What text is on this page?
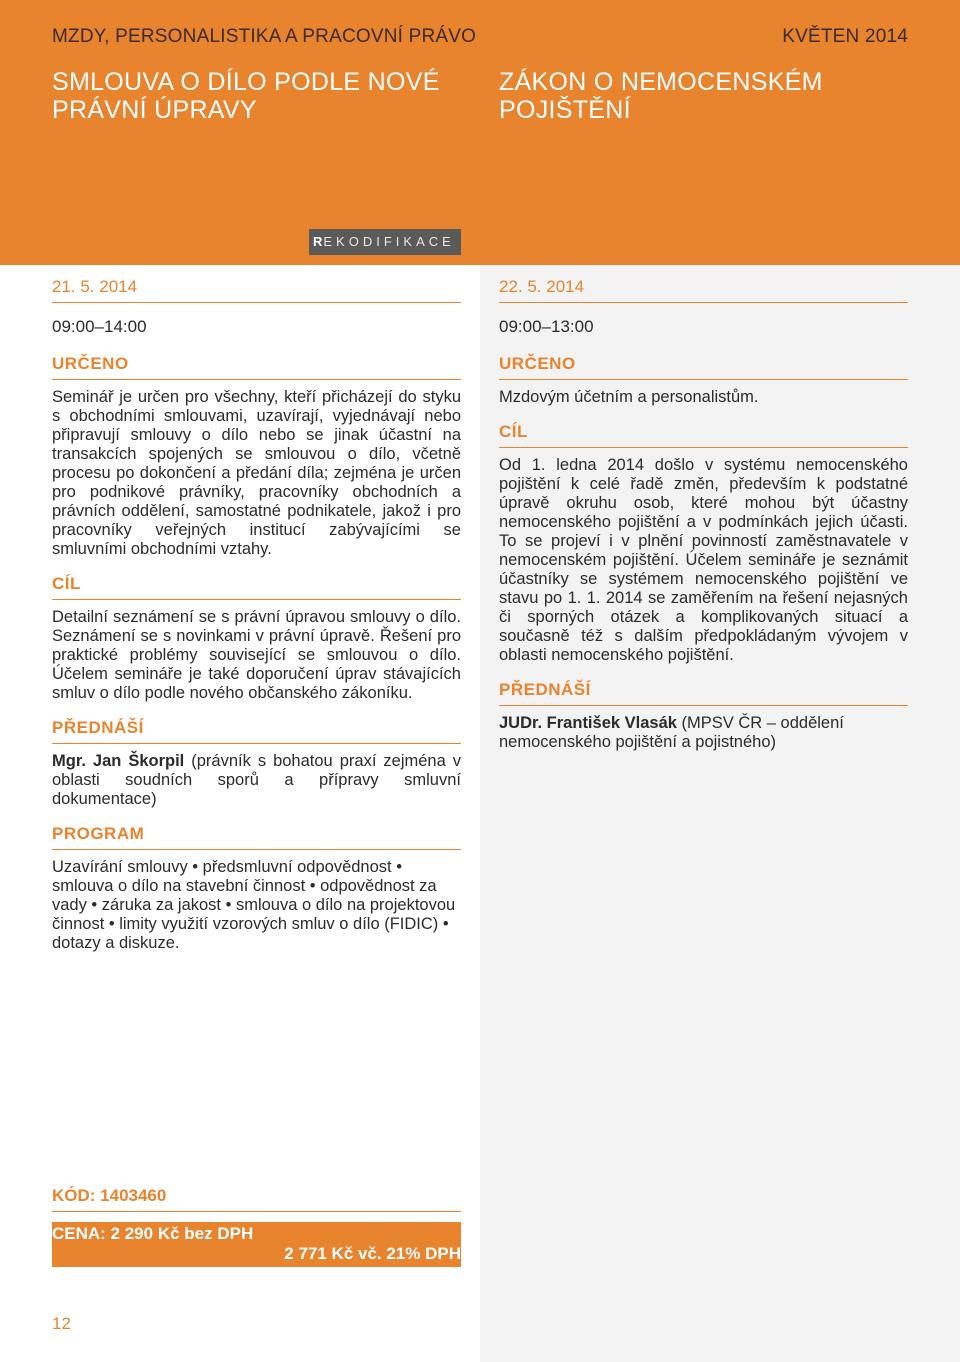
MZDY, PERSONALISTIKA A PRACOVNÍ PRÁVO	KVĚTEN 2014
SMLOUVA O DÍLO PODLE NOVÉ PRÁVNÍ ÚPRAVY
ZÁKON O NEMOCENSKÉM POJIŠTĚNÍ
REKODIFIKACE
21. 5. 2014
09:00–14:00
URČENO

Seminář je určen pro všechny, kteří přicházejí do styku s obchodními smlouvami, uzavírají, vyjednávají nebo připravují smlouvy o dílo nebo se jinak účastní na transakcích spojených se smlouvou o dílo, včetně procesu po dokončení a předání díla; zejména je určen pro podnikové právníky, pracovníky obchodních a právních oddělení, samostatné podnikatele, jakož i pro pracovníky veřejných institucí zabývajícími se smluvními obchodními vztahy.

CÍL

Detailní seznámení se s právní úpravou smlouvy o dílo. Seznámení se s novinkami v právní úpravě. Řešení pro praktické problémy související se smlouvou o dílo. Účelem semináře je také doporučení úprav stávajících smluv o dílo podle nového občanského zákoníku.

PŘEDNÁŠÍ

Mgr. Jan Škorpil (právník s bohatou praxí zejména v oblasti soudních sporů a přípravy smluvní dokumentace)

PROGRAM

Uzavírání smlouvy • předsmluvní odpovědnost • smlouva o dílo na stavební činnost • odpovědnost za vady • záruka za jakost • smlouva o dílo na projektovou činnost • limity využití vzorových smluv o dílo (FIDIC) • dotazy a diskuze.

22. 5. 2014
09:00–13:00
URČENO

Mzdovým účetním a personalistům.

CÍL

Od 1. ledna 2014 došlo v systému nemocenského pojištění k celé řadě změn, především k podstatné úpravě okruhu osob, které mohou být účastny nemocenského pojištění a v podmínkách jejich účasti. To se projeví i v plnění povinností zaměstnavatele v nemocenském pojištění. Účelem semináře je seznámit účastníky se systémem nemocenského pojištění ve stavu po 1. 1. 2014 se zaměřením na řešení nejasných či sporných otázek a komplikovaných situací a současně též s dalším předpokládaným vývojem v oblasti nemocenského pojištění.

PŘEDNÁŠÍ

JUDr. František Vlasák (MPSV ČR – oddělení nemocenského pojištění a pojistného)

KÓD: 1403460
CENA: 2 290 Kč bez DPH
2 771 Kč vč. 21% DPH
12
